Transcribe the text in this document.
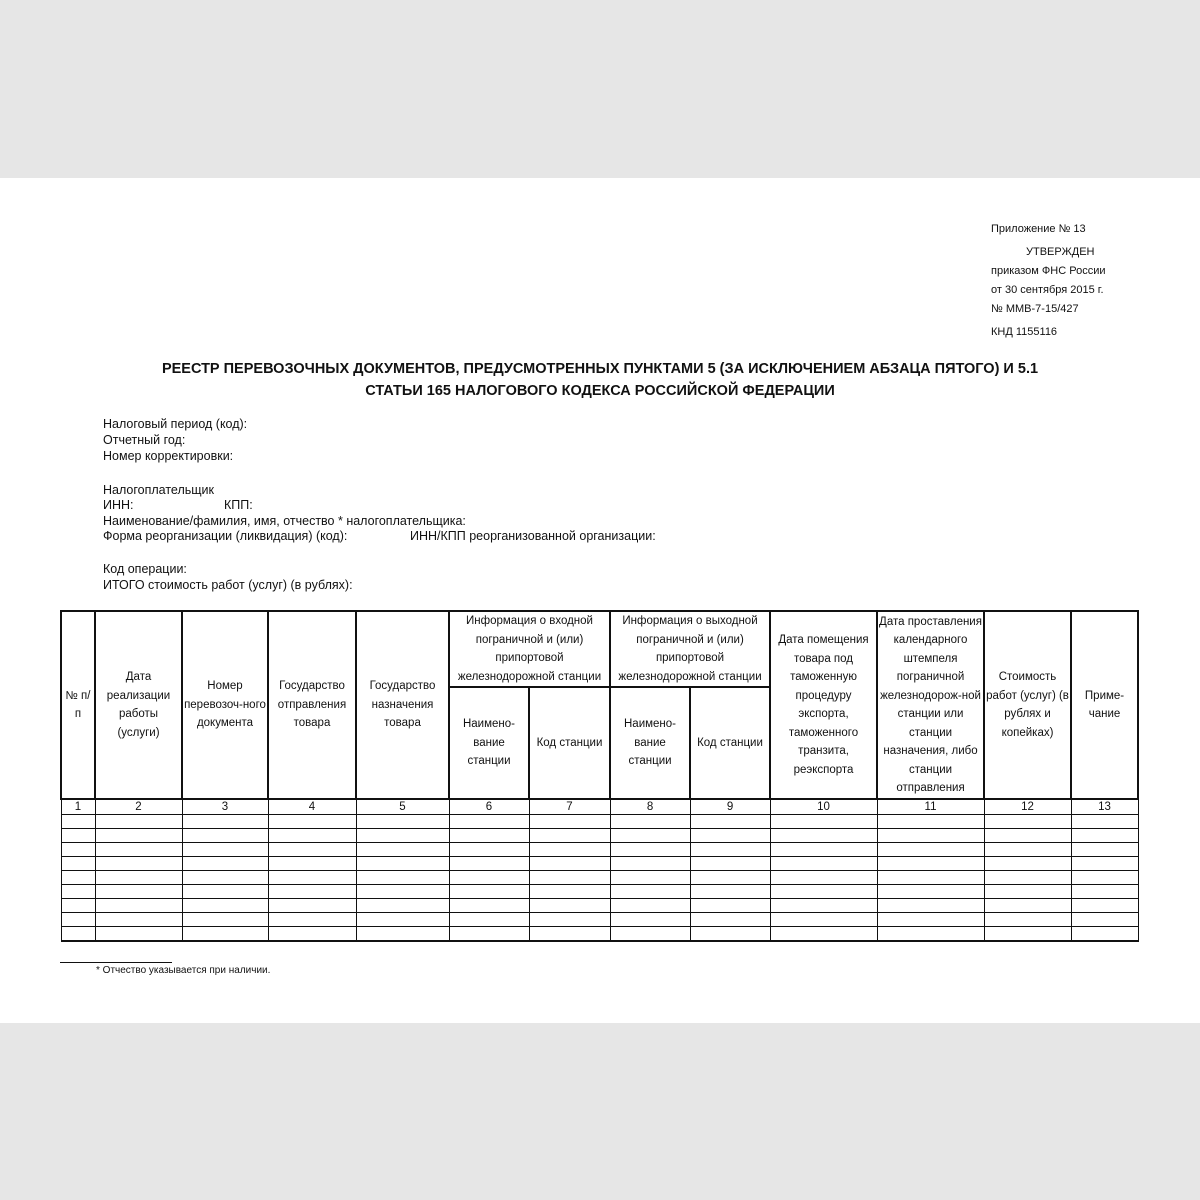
Приложение № 13
УТВЕРЖДЕН
приказом ФНС России
от 30 сентября 2015 г.
№ ММВ-7-15/427
КНД 1155116
РЕЕСТР ПЕРЕВОЗОЧНЫХ ДОКУМЕНТОВ, ПРЕДУСМОТРЕННЫХ ПУНКТАМИ 5 (ЗА ИСКЛЮЧЕНИЕМ АБЗАЦА ПЯТОГО) И 5.1
СТАТЬИ 165 НАЛОГОВОГО КОДЕКСА РОССИЙСКОЙ ФЕДЕРАЦИИ
Налоговый период (код):
Отчетный год:
Номер корректировки:
Налогоплательщик
ИНН:	КПП:
Наименование/фамилия, имя, отчество * налогоплательщика:
Форма реорганизации (ликвидация) (код):	ИНН/КПП реорганизованной организации:
Код операции:
ИТОГО стоимость работ (услуг) (в рублях):
№ п/п	Дата реализации работы (услуги)	Номер перевозоч-ного документа	Государство отправления товара	Государство назначения товара	Информация о входной пограничной и (или) припортовой железнодорожной станции		Информация о выходной пограничной и (или) припортовой железнодорожной станции		Дата помещения товара под таможенную процедуру экспорта, таможенного транзита, реэкспорта	Дата проставления календарного штемпеля пограничной железнодорож-ной станции или станции назначения, либо станции отправления	Стоимость работ (услуг) (в рублях и копейках)	Приме-чание
					Наимено-вание станции	Код станции	Наимено-вание станции	Код станции				
1	2	3	4	5	6	7	8	9	10	11	12	13

* Отчество указывается при наличии.
